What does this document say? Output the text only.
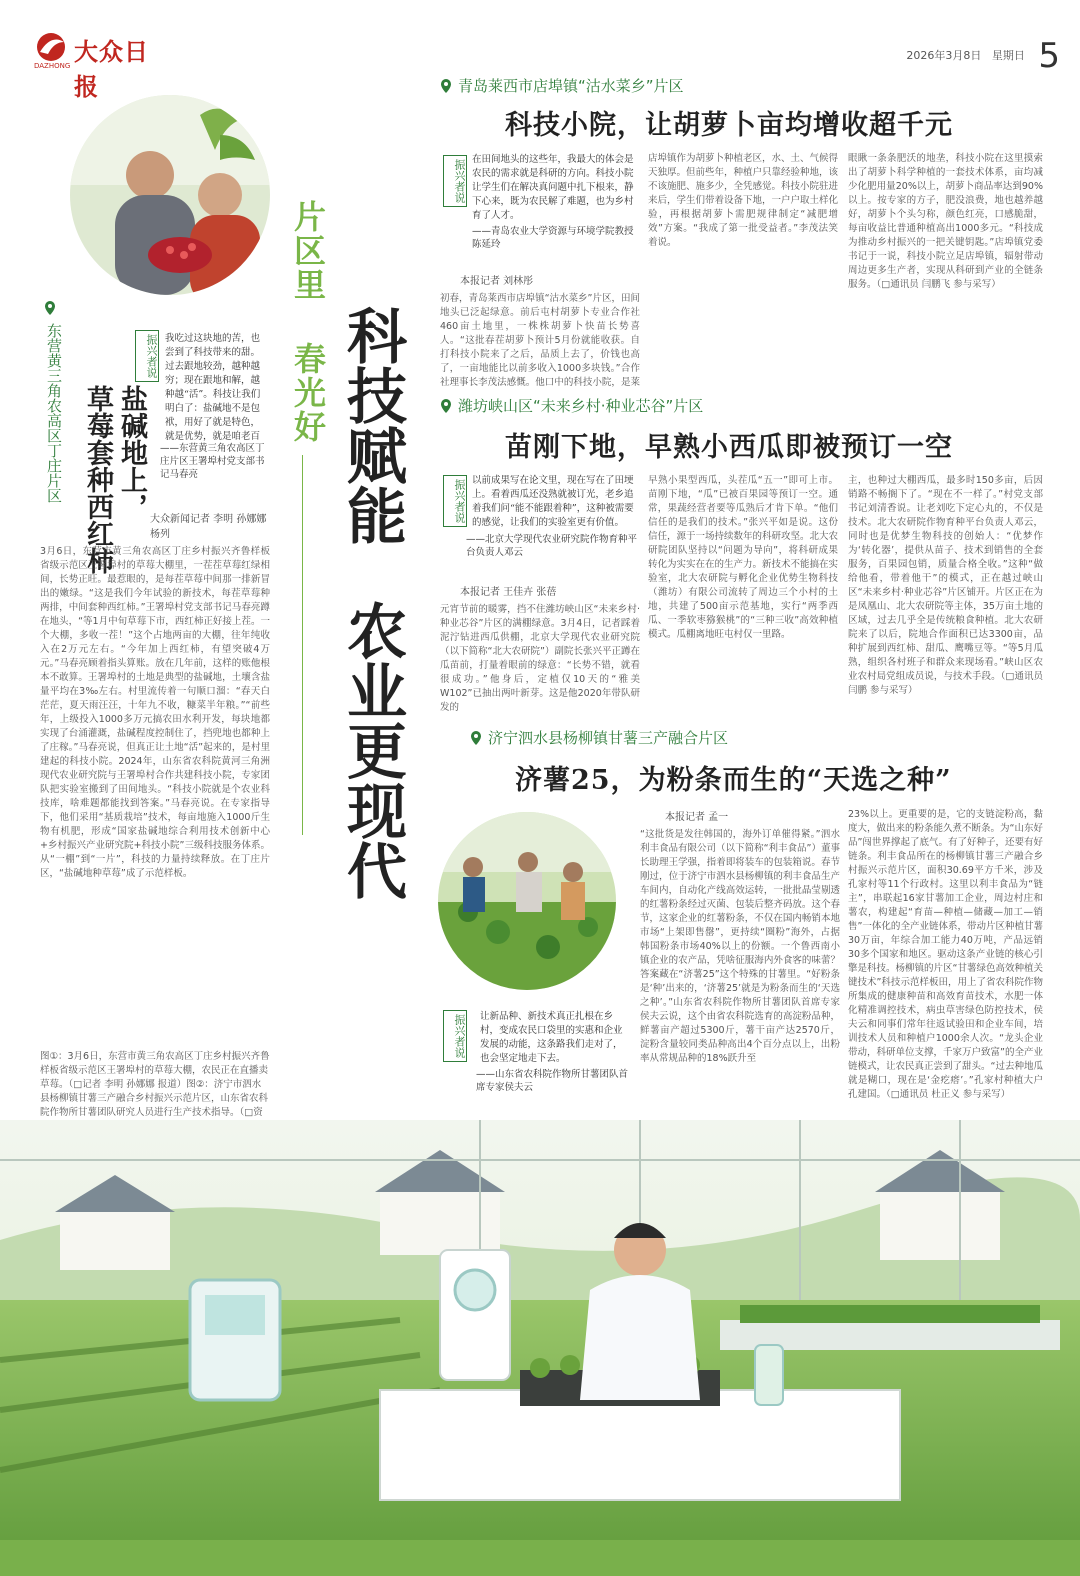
大众日报
DAZHONG
2026年3月8日 星期日 5
东营黄三角农高区丁庄片区	盐碱地上，
草莓套种西红柿
振兴者说 我吃过这块地的苦，也尝到了科技带来的甜。过去跟地较劲，越种越穷；现在跟地和解，越种越“活”。科技让我们明白了：盐碱地不是包袱，用好了就是特色，就是优势，就是咱老百
——东营黄三角农高区丁庄片区王署埠村党支部书记马春亮
大众新闻记者 李明 孙娜娜 杨列
3月6日，东营市黄三角农高区丁庄乡村振兴齐鲁样板省级示范区王署埠村的草莓大棚里，一茬茬草莓红绿相间，长势正旺。最惹眼的，是每茬草莓中间那一排新冒出的嫩绿。“这是我们今年试验的新技术，每茬草莓种两排，中间套种西红柿。”王署埠村党支部书记马春亮蹲在地头，“等1月中旬草莓下市，西红柿正好接上茬。一个大棚，多收一茬！”这个占地两亩的大棚，往年纯收入在2万元左右。“今年加上西红柿，有望突破4万元。”马春亮顾着指头算账。放在几年前，这样的账他根本不敢算。王署埠村的土地是典型的盐碱地，土壤含盐量平均在3‰左右。村里流传着一句顺口溜：“春天白茫茫，夏天雨汪汪，十年九不收，糠菜半年粮。”“前些年，上级投入1000多万元搞农田水利开发，每块地都实现了台涌灌溉，盐碱程度控制住了，挡兜地也都种上了庄稼。”马春亮说，但真正让土地“活”起来的，是村里建起的科技小院。2024年，山东省农科院黄河三角洲现代农业研究院与王署埠村合作共建科技小院，专家团队把实验室搬到了田间地头。“科技小院就是个农业科技库，啥难题都能找到答案。”马春亮说。在专家指导下，他们采用“基质栽培”技术，每亩地施入1000斤生物有机肥，形成“国家盐碱地综合利用技术创新中心+乡村振兴产业研究院+科技小院”三级科技服务体系。从“一棚”到“一片”，科技的力量持续释放。在丁庄片区，“盐碱地种草莓”成了示范样板。
图①：3月6日，东营市黄三角农高区丁庄乡村振兴齐鲁样板省级示范区王署埠村的草莓大棚，农民正在直播卖草莓。（□记者 李明 孙娜娜 报道）图②：济宁市泗水县杨柳镇甘薯三产融合乡村振兴示范片区，山东省农科院作物所甘薯团队研究人员进行生产技术指导。（□资
片区里 春光好 科技赋能
农业更现代
青岛莱西市店埠镇“沽水菜乡”片区
科技小院，让胡萝卜亩均增收超千元
振兴者说 在田间地头的这些年，我最大的体会是农民的需求就是科研的方向。科技小院让学生们在解决真问题中扎下根来，静下心来，既为农民解了难题，也为乡村育了人才。
——青岛农业大学资源与环境学院教授陈延玲
本报记者 刘林彤
初春，青岛莱西市店埠镇“沽水菜乡”片区，田间地头已泛起绿意。前后屯村胡萝卜专业合作社460亩土地里，一株株胡萝卜快苗长势喜人。“这批春茬胡萝卜预计5月份就能收获。自打科技小院来了之后，品质上去了，价钱也高了，一亩地能比以前多收入1000多块钱。”合作社理事长李茂法感慨。他口中的科技小院，是莱
店埠镇作为胡萝卜种植老区，水、土、气候得天独厚。但前些年，种植户只靠经验种地，该不该施肥、施多少，全凭感觉。科技小院驻进来后，学生们带着设备下地，一户户取土样化验，再根据胡萝卜需肥规律制定“减肥增效”方案。“我成了第一批受益者。”李茂法笑着说。
眼瞅一条条肥沃的地垄，科技小院在这里摸索出了胡萝卜科学种植的一套技术体系，亩均减少化肥用量20%以上，胡萝卜商品率达到90%以上。按专家的方子，肥没浪费，地也越养越好，胡萝卜个头匀称，颜色红亮，口感脆甜，每亩收益比普通种植高出1000多元。“科技成为推动乡村振兴的一把关键钥匙。”店埠镇党委书记于一说，科技小院立足店埠镇，辐射带动周边更多生产者，实现从科研到产业的全链条服务。（□通讯员 闫鹏飞 参与采写）
潍坊峡山区“未来乡村·种业芯谷”片区
苗刚下地，早熟小西瓜即被预订一空
振兴者说 以前成果写在论文里，现在写在了田埂上。看着西瓜还没熟就被订光，老乡追着我们问“能不能跟着种”，这种被需要的感觉，让我们的实验室更有价值。
——北京大学现代农业研究院作物育种平台负责人邓云
本报记者 王佳卉 张蓓
元宵节前的暖雾，挡不住潍坊峡山区“未来乡村·种业芯谷”片区的满棚绿意。3月4日，记者踩着泥泞钻进西瓜供棚，北京大学现代农业研究院（以下简称“北大农研院”）副院长张兴平正蹲在瓜苗前，打量着眼前的绿意：“长势不错，就看很成功。”他身后，定植仅10天的“雅美W102”已抽出两叶新芽。这是他2020年带队研发的
早熟小果型西瓜，头茬瓜“五一”即可上市。苗刚下地，“瓜”已被百果园等预订一空。通常，果蔬经营者要等瓜熟后才肯下单。“他们信任的是我们的技术。”张兴平如是说。这份信任，源于一场持续数年的科研攻坚。北大农研院团队坚持以“问题为导向”，将科研成果转化为实实在在的生产力。新技术不能搞在实验室，北大农研院与孵化企业优势生物科技（潍坊）有限公司流转了周边三个小村的土地，共建了500亩示范基地，实行“两季西瓜、一季软枣猕猴桃”的“三种三收”高效种植模式。瓜棚离地旺屯村仅一里路。
主，也种过大棚西瓜，最多时150多亩，后因销路不畅搁下了。“现在不一样了。”村党支部书记刘清香说。让老刘吃下定心丸的，不仅是技术。北大农研院作物育种平台负责人邓云，同时也是优梦生物科技的创始人：“优梦作为‘转化器’，提供从苗子、技术到销售的全套服务，百果园包销，质量合格全收。”这种“做给他看，带着他干”的模式，正在越过峡山区“未来乡村·种业芯谷”片区铺开。片区正在为是凤凰山、北大农研院等主体，35万亩土地的区域，过去几乎全是传统粮食种植。北大农研院来了以后，院地合作面积已达3300亩，品种扩展到西红柿、甜瓜、鹰嘴豆等。“等5月瓜熟，组织各村班子和群众来现场看。”峡山区农业农村局党组成员说，与技术手段。（□通讯员 闫鹏 参与采写）
济宁泗水县杨柳镇甘薯三产融合片区
济薯25，为粉条而生的“天选之种”
本报记者 孟一
“这批货是发往韩国的，海外订单催得紧。”泗水利丰食品有限公司（以下简称“利丰食品”）董事长助理王学强，指着即将装车的包装箱说。春节刚过，位于济宁市泗水县杨柳镇的利丰食品生产车间内，自动化产线高效运转，一批批晶莹剔透的红薯粉条经过灭菌、包装后整齐码放。这个春节，这家企业的红薯粉条，不仅在国内畅销本地市场“上架即售罄”，更持续“圈粉”海外，占据韩国粉条市场40%以上的份额。一个鲁西南小镇企业的农产品，凭啥征服海内外食客的味蕾？答案藏在“济薯25”这个特殊的甘薯里。“好粉条是‘种’出来的，‘济薯25’就是为粉条而生的‘天选之种’。”山东省农科院作物所甘薯团队首席专家侯夫云说，这个由省农科院选育的高淀粉品种，鲜薯亩产超过5300斤，薯干亩产达2570斤，淀粉含量较同类品种高出4个百分点以上，出粉率从常规品种的18%跃升至
23%以上。更重要的是，它的支链淀粉高，黏度大，做出来的粉条能久煮不断条。为“山东好品”闯世界撑起了底气。有了好种子，还要有好链条。利丰食品所在的杨柳镇甘薯三产融合乡村振兴示范片区，面积30.69平方千米，涉及孔家村等11个行政村。这里以利丰食品为“链主”，串联起16家甘薯加工企业，周边村庄和薯农，构建起“育苗—种植—储藏—加工—销售”一体化的全产业链体系，带动片区种植甘薯30万亩，年综合加工能力40万吨，产品远销30多个国家和地区。驱动这条产业链的核心引擎是科技。杨柳镇的片区“甘薯绿色高效种植关键技术”科技示范样板田，用上了省农科院作物所集成的健康种苗和高效育苗技术，水肥一体化精准调控技术，病虫草害绿色防控技术，侯夫云和同事们常年往返试验田和企业车间，培训技术人员和种植户1000余人次。“龙头企业带动，科研单位支撑，千家万户致富”的全产业链模式，让农民真正尝到了甜头。“过去种地瓜就是糊口，现在是‘金疙瘩’。”孔家村种植大户孔建国。（□通讯员 杜正义 参与采写）
振兴者说 让新品种、新技术真正扎根在乡村，变成农民口袋里的实惠和企业发展的动能，这条路我们走对了，也会坚定地走下去。
——山东省农科院作物所甘薯团队首席专家侯夫云
